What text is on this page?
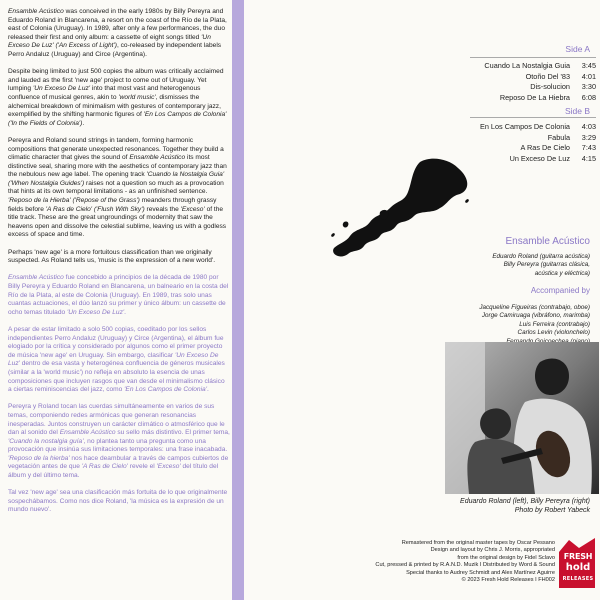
Ensamble Acústico was conceived in the early 1980s by Billy Pereyra and Eduardo Roland in Blancarena, a resort on the coast of the Río de la Plata, east of Colonia (Uruguay). In 1989, after only a few performances, the duo released their first and only album: a cassette of eight songs titled 'Un Exceso De Luz' ('An Excess of Light'), co-released by independent labels Perro Andaluz (Uruguay) and Circe (Argentina).

Despite being limited to just 500 copies the album was critically acclaimed and lauded as the first 'new age' project to come out of Uruguay. Yet lumping 'Un Exceso De Luz' into that most vast and heterogenous confluence of musical genres, akin to 'world music', dismisses the alchemical breakdown of minimalism with gestures of contemporary jazz, exemplified by the shifting harmonic figures of 'En Los Campos de Colonia' ('In the Fields of Colonia').

Pereyra and Roland sound strings in tandem, forming harmonic compositions that generate unexpected resonances. Together they build a climatic character that gives the sound of Ensamble Acústico its most distinctive seal, sharing more with the aesthetics of contemporary jazz than the nebulous new age label. The opening track 'Cuando la Nostalgia Guia' ('When Nostalgia Guides') raises not a question so much as a provocation that hints at its own temporal limitations - as an unfinished sentence. 'Reposo de la Hierba' ('Repose of the Grass') meanders through grassy fields before 'A Ras de Cielo' ('Flush With Sky') reveals the 'Exceso' of the title track. These are the great ungroundings of modernity that saw the heavens open and dissolve the celestial sublime, leaving us with a godless excess of space and time.

Perhaps 'new age' is a more fortuitous classification than we originally suspected. As Roland tells us, 'music is the expression of a new world'.

Ensamble Acústico fue concebido a principios de la década de 1980 por Billy Pereyra y Eduardo Roland en Blancarena, un balneario en la costa del Río de la Plata, al este de Colonia (Uruguay). En 1989, tras solo unas cuantas actuaciones, el dúo lanzó su primer y único álbum: un cassette de ocho temas titulado 'Un Exceso De Luz'.

A pesar de estar limitado a solo 500 copias, coeditado por los sellos independientes Perro Andaluz (Uruguay) y Circe (Argentina), el álbum fue elogiado por la crítica y considerado por algunos como el primer proyecto de música 'new age' en Uruguay. Sin embargo, clasificar 'Un Exceso De Luz' dentro de esa vasta y heterogénea confluencia de géneros musicales (similar a la 'world music') no refleja en absoluto la esencia de unas composiciones que incluyen rasgos que van desde el minimalismo clásico a ciertas reminiscencias del jazz, como 'En Los Campos de Colonia'.

Pereyra y Roland tocan las cuerdas simultáneamente en varios de sus temas, componiendo redes armónicas que generan resonancias inesperadas. Juntos construyen un carácter climático o atmosférico que le dan al sonido del Ensamble Acústico su sello más distintivo. El primer tema, 'Cuando la nostalgia guía', no plantea tanto una pregunta como una provocación que insinúa sus limitaciones temporales: una frase inacabada. 'Reposo de la hierba' nos hace deambular a través de campos cubiertos de vegetación antes de que 'A Ras de Cielo' revele el 'Exceso' del título del álbum y del último tema.

Tal vez 'new age' sea una clasificación más fortuita de lo que originalmente sospechábamos. Como nos dice Roland, 'la música es la expresión de un mundo nuevo'.

Side A
Cuando La Nostalgia Guia	3:45
Otoño Del '83	4:01
Dis-solucion	3:30
Reposo De La Hiebra	6:08
Side B
En Los Campos De Colonia	4:03
Fabula	3:29
A Ras De Cielo	7:43
Un Exceso De Luz	4:15
Ensamble Acústico
Eduardo Roland (guitarra acústica)
Billy Pereyra (guitarras clásica,
acústica y eléctrica)
Accompanied by
Jacqueline Figueiras (contrabajo, oboe)
Jorge Camiruaga (vibráfono, marimba)
Luis Ferreira (contrabajo)
Carlos Levin (violonchelo)
Eduardo Roland (left), Billy Pereyra (right)
Photo by Robert Yabeck
Remastered from the original master tapes by Oscar Pessano
Design and layout by Chris J. Morris, appropriated
from the original design by Fidel Sclavo
Cut, pressed & printed by R.A.N.D. Muzik I Distributed by Word & Sound
Special thanks to Audrey Schmidt and Alex Martínez Aguirre
© 2023 Fresh Hold Releases I FH002
FRESH
hold
RELEASES
